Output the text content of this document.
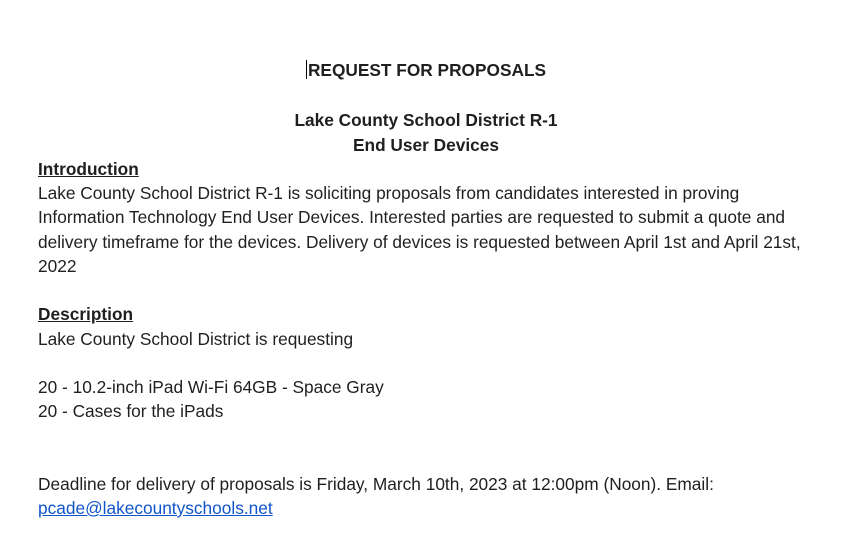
REQUEST FOR PROPOSALS
Lake County School District R-1
End User Devices
Introduction

Lake County School District R-1 is soliciting proposals from candidates interested in proving Information Technology End User Devices. Interested parties are requested to submit a quote and delivery timeframe for the devices. Delivery of devices is requested between April 1st and April 21st, 2022

Description
Lake County School District is requesting
20 - 10.2-inch iPad Wi-Fi 64GB - Space Gray
20 - Cases for the iPads
Deadline for delivery of proposals is Friday, March 10th, 2023 at 12:00pm (Noon). Email:
pcade@lakecountyschools.net
